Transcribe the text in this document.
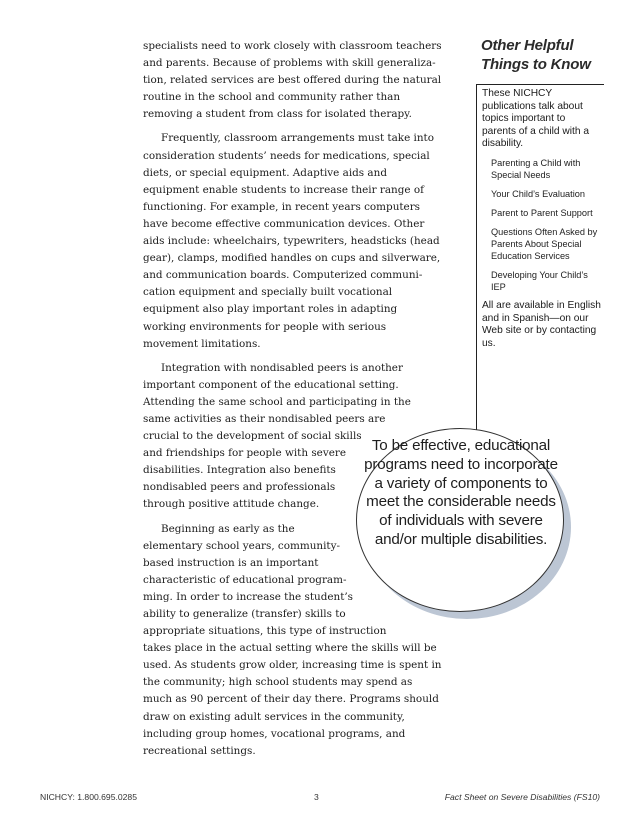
specialists need to work closely with classroom teachers
and parents. Because of problems with skill generaliza-
tion, related services are best offered during the natural
routine in the school and community rather than
removing a student from class for isolated therapy.

Frequently, classroom arrangements must take into
consideration students’ needs for medications, special
diets, or special equipment. Adaptive aids and
equipment enable students to increase their range of
functioning. For example, in recent years computers
have become effective communication devices. Other
aids include: wheelchairs, typewriters, headsticks (head
gear), clamps, modified handles on cups and silverware,
and communication boards. Computerized communi-
cation equipment and specially built vocational
equipment also play important roles in adapting
working environments for people with serious
movement limitations.

Integration with nondisabled peers is another
important component of the educational setting.
Attending the same school and participating in the
same activities as their nondisabled peers are
crucial to the development of social skills
and friendships for people with severe
disabilities. Integration also benefits
nondisabled peers and professionals
through positive attitude change.

Beginning as early as the
elementary school years, community-
based instruction is an important
characteristic of educational program-
ming. In order to increase the student’s
ability to generalize (transfer) skills to
appropriate situations, this type of instruction
takes place in the actual setting where the skills will be
used. As students grow older, increasing time is spent in
the community; high school students may spend as
much as 90 percent of their day there. Programs should
draw on existing adult services in the community,
including group homes, vocational programs, and
recreational settings.

Other Helpful
Things to Know

These NICHCY publications talk about topics important to parents of a child with a disability.

Parenting a Child with Special Needs
Your Child’s Evaluation
Parent to Parent Support
Questions Often Asked by Parents About Special Education Services
Developing Your Child’s IEP

All are available in English and in Spanish—on our Web site or by contacting us.

To be effective, educational programs need to incorporate a variety of components to meet the considerable needs of individuals with severe and/or multiple disabilities.
NICHCY: 1.800.695.0285	3	Fact Sheet on Severe Disabilities (FS10)
